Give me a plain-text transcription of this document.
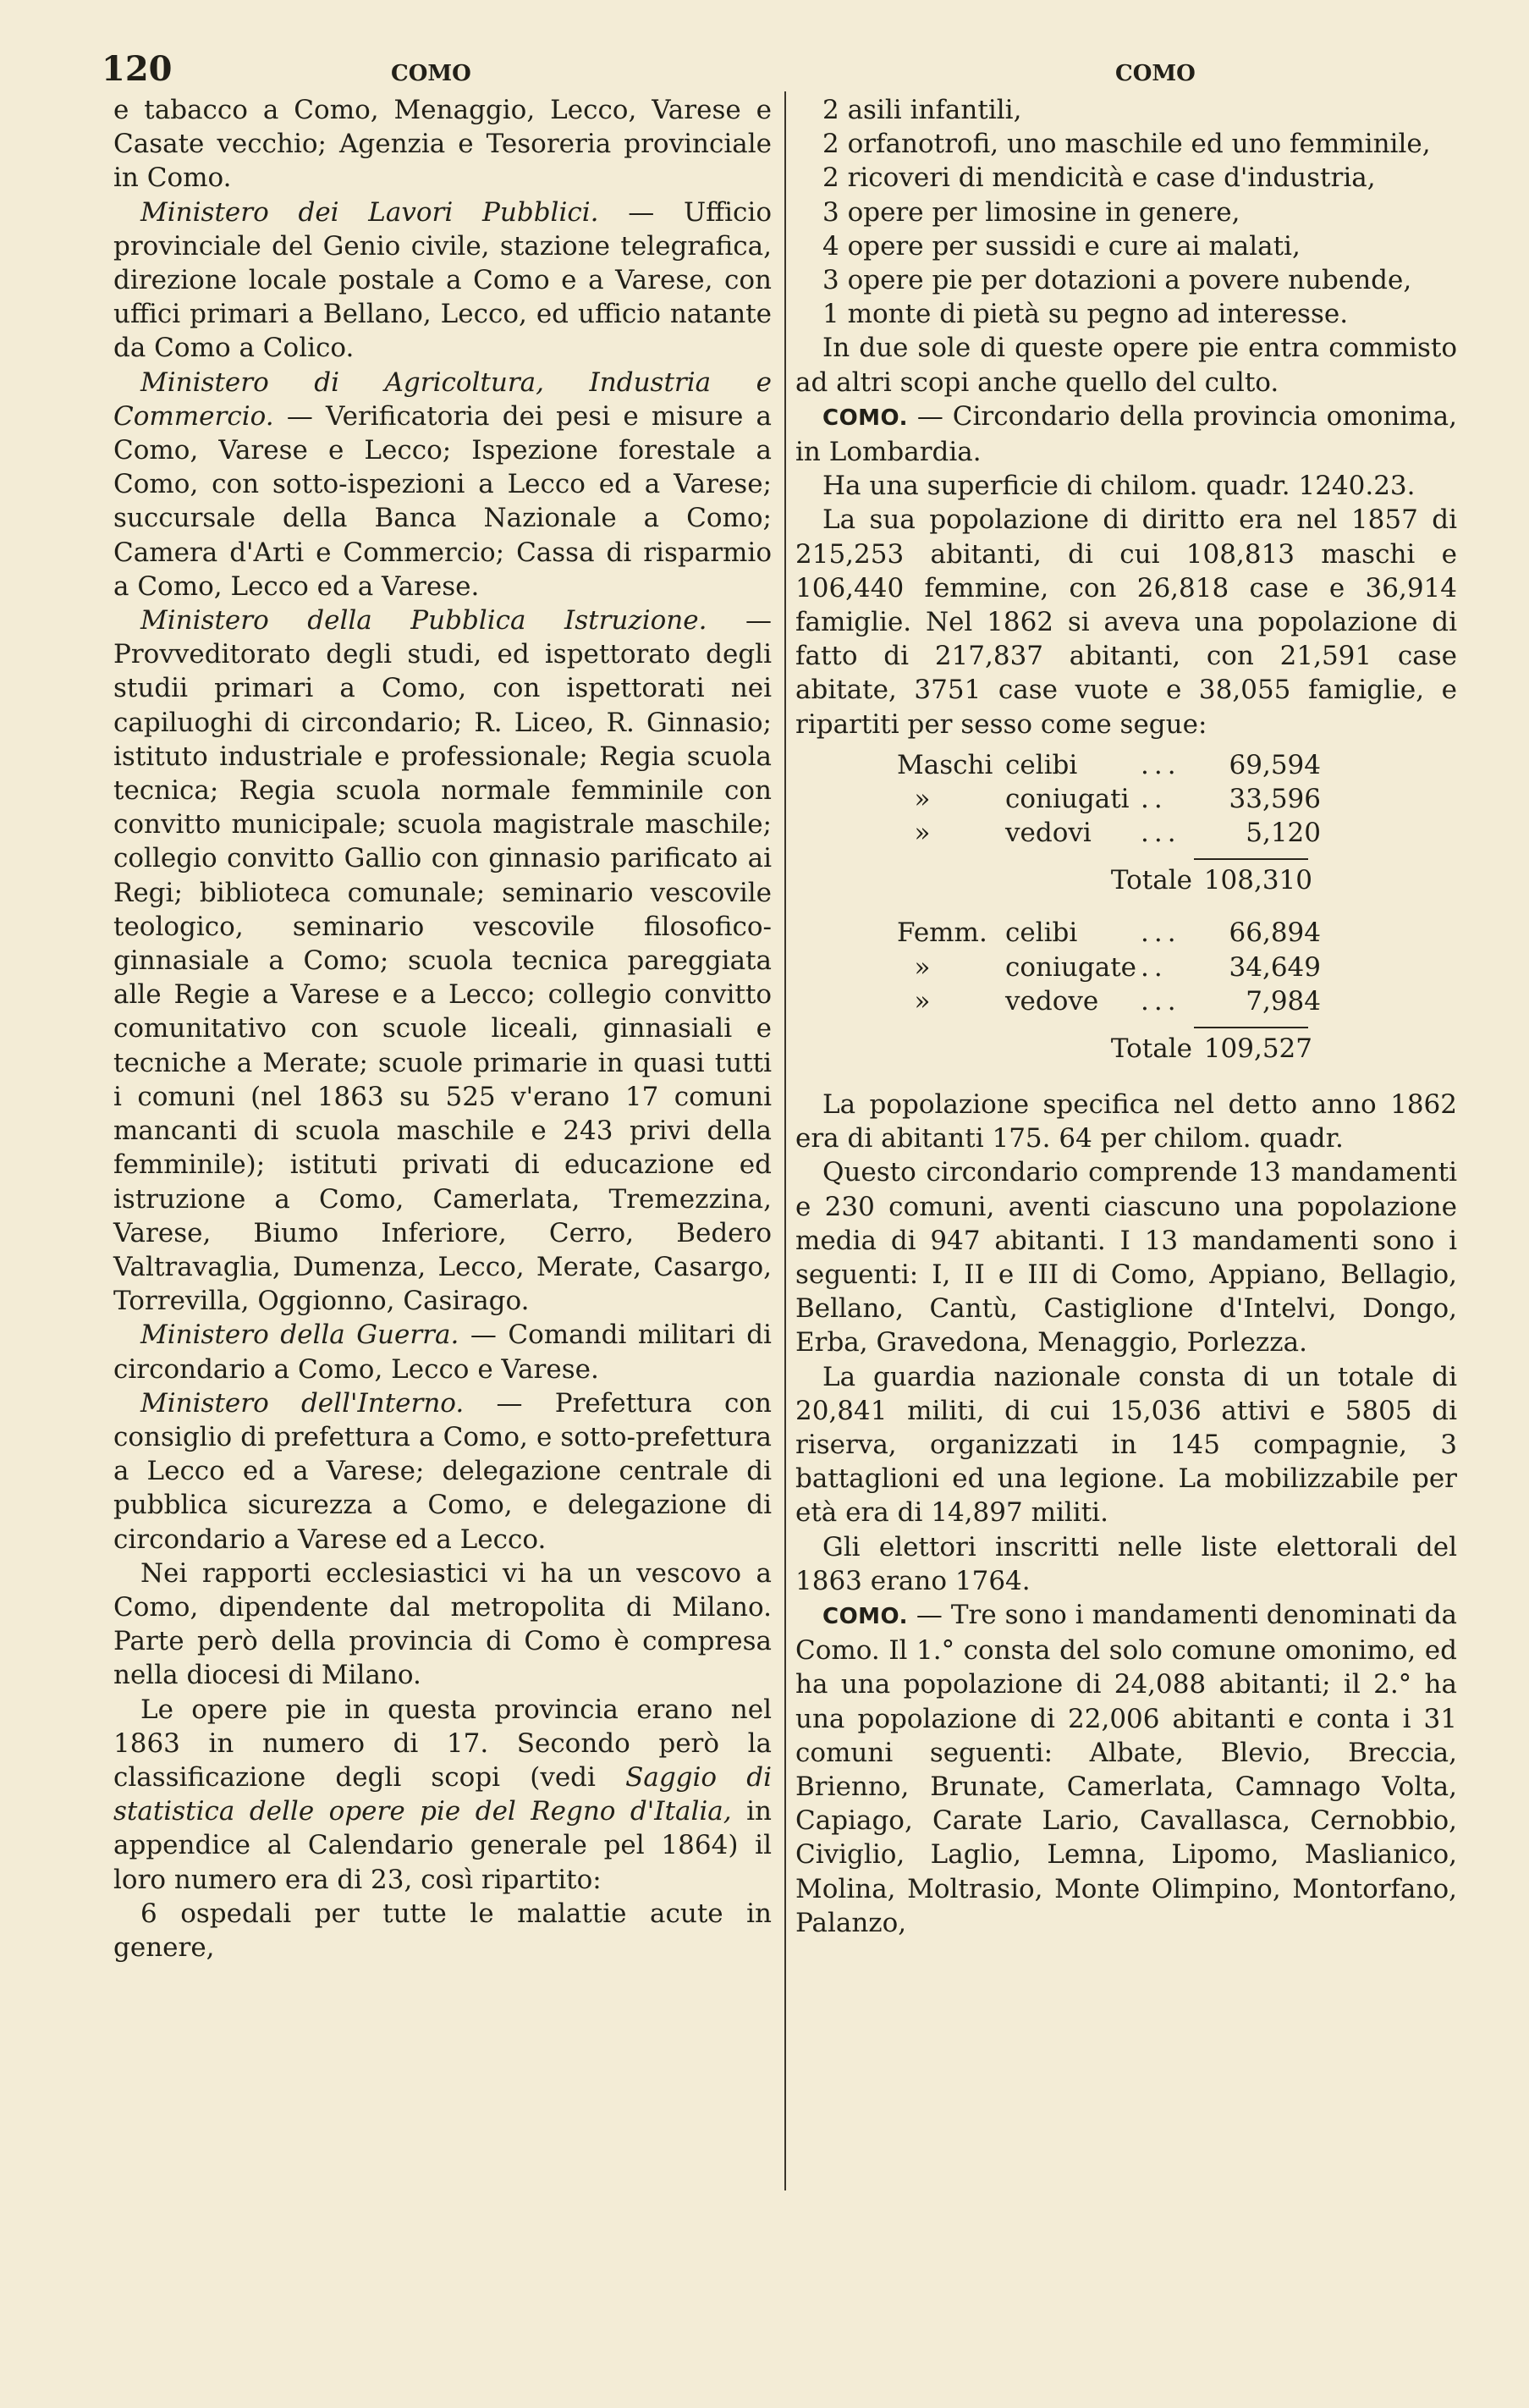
120	COMO	COMO

e tabacco a Como, Menaggio, Lecco, Varese e Casate vecchio; Agenzia e Tesoreria provinciale in Como.

Ministero dei Lavori Pubblici. — Ufficio provinciale del Genio civile, stazione telegrafica, direzione locale postale a Como e a Varese, con uffici primari a Bellano, Lecco, ed ufficio natante da Como a Colico.

Ministero di Agricoltura, Industria e Commercio. — Verificatoria dei pesi e misure a Como, Varese e Lecco; Ispezione forestale a Como, con sotto-ispezioni a Lecco ed a Varese; succursale della Banca Nazionale a Como; Camera d'Arti e Commercio; Cassa di risparmio a Como, Lecco ed a Varese.

Ministero della Pubblica Istruzione. — Provveditorato degli studi, ed ispettorato degli studii primari a Como, con ispettorati nei capiluoghi di circondario; R. Liceo, R. Ginnasio; istituto industriale e professionale; Regia scuola tecnica; Regia scuola normale femminile con convitto municipale; scuola magistrale maschile; collegio convitto Gallio con ginnasio parificato ai Regi; biblioteca comunale; seminario vescovile teologico, seminario vescovile filosofico-ginnasiale a Como; scuola tecnica pareggiata alle Regie a Varese e a Lecco; collegio convitto comunitativo con scuole liceali, ginnasiali e tecniche a Merate; scuole primarie in quasi tutti i comuni (nel 1863 su 525 v'erano 17 comuni mancanti di scuola maschile e 243 privi della femminile); istituti privati di educazione ed istruzione a Como, Camerlata, Tremezzina, Varese, Biumo Inferiore, Cerro, Bedero Valtravaglia, Dumenza, Lecco, Merate, Casargo, Torrevilla, Oggionno, Casirago.

Ministero della Guerra. — Comandi militari di circondario a Como, Lecco e Varese.

Ministero dell'Interno. — Prefettura con consiglio di prefettura a Como, e sotto-prefettura a Lecco ed a Varese; delegazione centrale di pubblica sicurezza a Como, e delegazione di circondario a Varese ed a Lecco.

Nei rapporti ecclesiastici vi ha un vescovo a Como, dipendente dal metropolita di Milano. Parte però della provincia di Como è compresa nella diocesi di Milano.

Le opere pie in questa provincia erano nel 1863 in numero di 17. Secondo però la classificazione degli scopi (vedi Saggio di statistica delle opere pie del Regno d'Italia, in appendice al Calendario generale pel 1864) il loro numero era di 23, così ripartito:

6 ospedali per tutte le malattie acute in genere,

2 asili infantili,

2 orfanotrofi, uno maschile ed uno femminile,

2 ricoveri di mendicità e case d'industria,

3 opere per limosine in genere,

4 opere per sussidi e cure ai malati,

3 opere pie per dotazioni a povere nubende,

1 monte di pietà su pegno ad interesse.

In due sole di queste opere pie entra commisto ad altri scopi anche quello del culto.

COMO. — Circondario della provincia omonima, in Lombardia.

Ha una superficie di chilom. quadr. 1240.23.

La sua popolazione di diritto era nel 1857 di 215,253 abitanti, di cui 108,813 maschi e 106,440 femmine, con 26,818 case e 36,914 famiglie. Nel 1862 si aveva una popolazione di fatto di 217,837 abitanti, con 21,591 case abitate, 3751 case vuote e 38,055 famiglie, e ripartiti per sesso come segue:

Maschi celibi	...	69,594
»	coniugati ..	33,596
»	vedovi	...	5,120
Totale 108,310
Femm. celibi	...	66,894
»	coniugate ..	34,649
»	vedove	...	7,984
Totale 109,527

La popolazione specifica nel detto anno 1862 era di abitanti 175. 64 per chilom. quadr.

Questo circondario comprende 13 mandamenti e 230 comuni, aventi ciascuno una popolazione media di 947 abitanti. I 13 mandamenti sono i seguenti: I, II e III di Como, Appiano, Bellagio, Bellano, Cantù, Castiglione d'Intelvi, Dongo, Erba, Gravedona, Menaggio, Porlezza.

La guardia nazionale consta di un totale di 20,841 militi, di cui 15,036 attivi e 5805 di riserva, organizzati in 145 compagnie, 3 battaglioni ed una legione. La mobilizzabile per età era di 14,897 militi.

Gli elettori inscritti nelle liste elettorali del 1863 erano 1764.

COMO. — Tre sono i mandamenti denominati da Como. Il 1.° consta del solo comune omonimo, ed ha una popolazione di 24,088 abitanti; il 2.° ha una popolazione di 22,006 abitanti e conta i 31 comuni seguenti: Albate, Blevio, Breccia, Brienno, Brunate, Camerlata, Camnago Volta, Capiago, Carate Lario, Cavallasca, Cernobbio, Civiglio, Laglio, Lemna, Lipomo, Maslianico, Molina, Moltrasio, Monte Olimpino, Montorfano, Palanzo,
